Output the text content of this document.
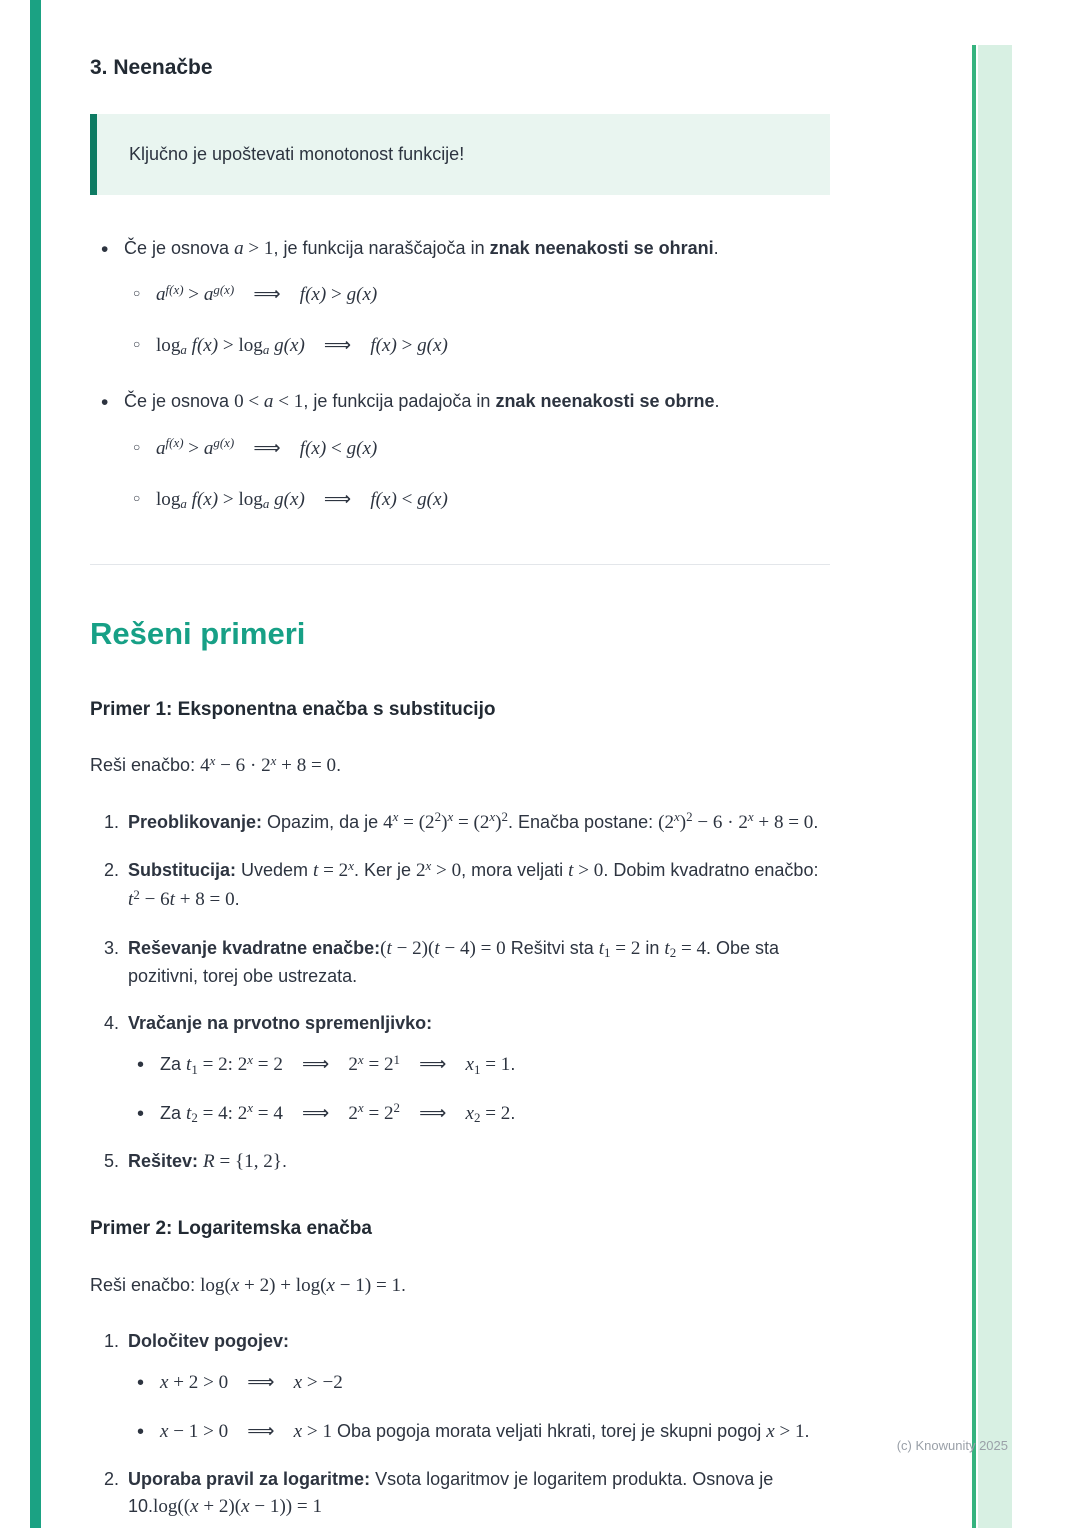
3. Neenačbe

Ključno je upoštevati monotonost funkcije!

• Če je osnova a > 1, je funkcija naraščajoča in znak neenakosti se ohrani.

○ $a^{f(x)} > a^{g(x)}$  ⟹  f(x) > g(x)

○ $\log_a f(x) > \log_a g(x)$  ⟹  f(x) > g(x)

• Če je osnova 0 < a < 1, je funkcija padajoča in znak neenakosti se obrne.

○ $a^{f(x)} > a^{g(x)}$  ⟹  f(x) < g(x)

○ $\log_a f(x) > \log_a g(x)$  ⟹  f(x) < g(x)

Rešeni primeri
Primer 1: Eksponentna enačba s substitucijo

Reši enačbo: $4^x - 6 \cdot 2^x + 8 = 0$.

1. Preoblikovanje: Opazim, da je $4^x = (2^2)^x = (2^x)^2$. Enačba postane: $(2^x)^2 - 6 \cdot 2^x + 8 = 0$.

2. Substitucija: Uvedem $t = 2^x$. Ker je $2^x > 0$, mora veljati t > 0. Dobim kvadratno enačbo: $t^2 - 6t + 8 = 0$.

3. Reševanje kvadratne enačbe:(t − 2)(t − 4) = 0 Rešitvi sta $t_1 = 2$ in $t_2 = 4$. Obe sta pozitivni, torej obe ustrezata.

4. Vračanje na prvotno spremenljivko:

• Za $t_1 = 2$: $2^x = 2$  ⟹  $2^x = 2^1$  ⟹  $x_1 = 1$.

• Za $t_2 = 4$: $2^x = 4$  ⟹  $2^x = 2^2$  ⟹  $x_2 = 2$.

5. Rešitev: R = {1, 2}.

Primer 2: Logaritemska enačba

Reši enačbo: log(x + 2) + log(x − 1) = 1.

1. Določitev pogojev:

• x + 2 > 0  ⟹  x > −2

• x − 1 > 0  ⟹  x > 1 Oba pogoja morata veljati hkrati, torej je skupni pogoj x > 1.

2. Uporaba pravil za logaritme: Vsota logaritmov je logaritem produkta. Osnova je 10.log((x + 2)(x − 1)) = 1

(c) Knowunity 2025
